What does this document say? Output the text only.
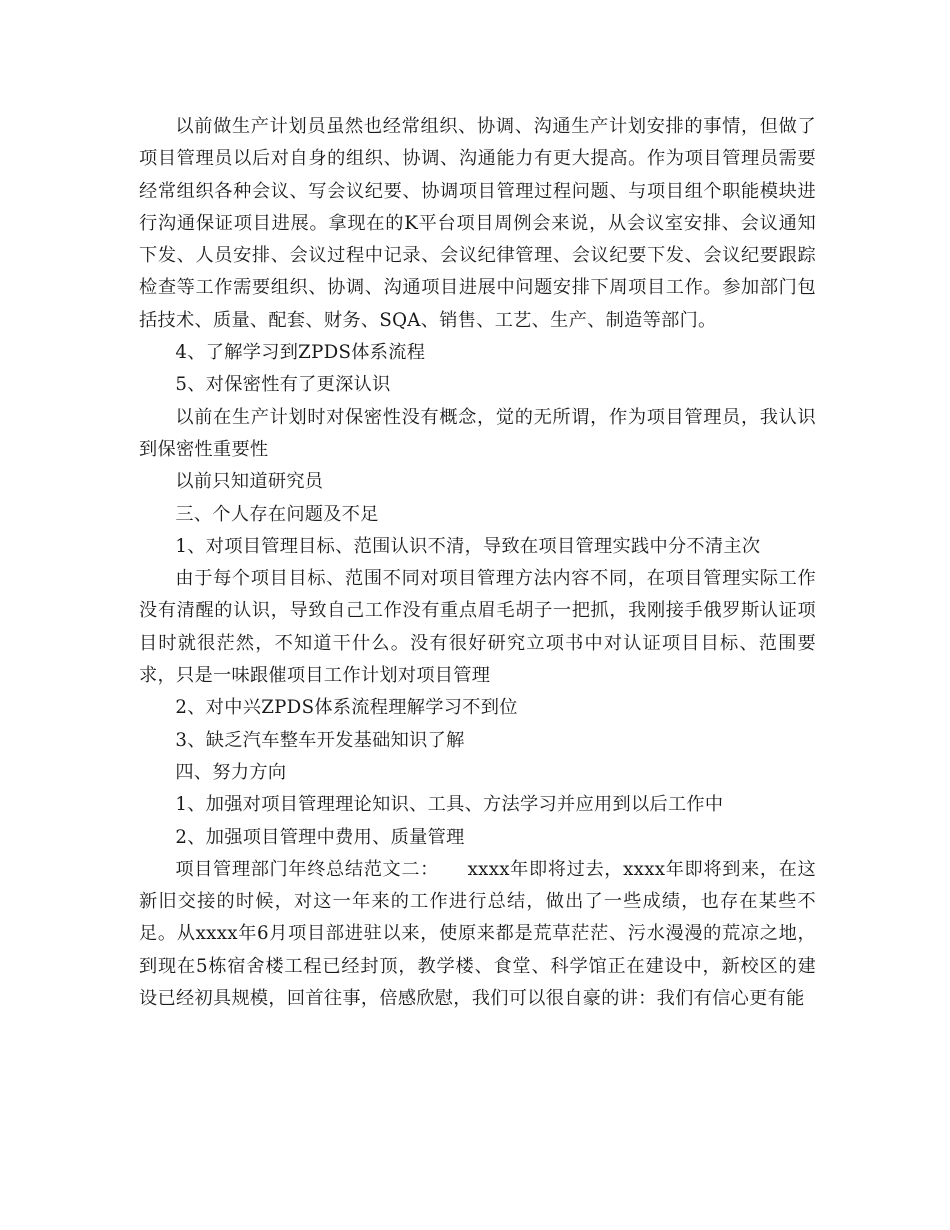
以前做生产计划员虽然也经常组织、协调、沟通生产计划安排的事情，但做了项目管理员以后对自身的组织、协调、沟通能力有更大提高。作为项目管理员需要经常组织各种会议、写会议纪要、协调项目管理过程问题、与项目组个职能模块进行沟通保证项目进展。拿现在的K平台项目周例会来说，从会议室安排、会议通知下发、人员安排、会议过程中记录、会议纪律管理、会议纪要下发、会议纪要跟踪检查等工作需要组织、协调、沟通项目进展中问题安排下周项目工作。参加部门包括技术、质量、配套、财务、SQA、销售、工艺、生产、制造等部门。

4、了解学习到ZPDS体系流程

5、对保密性有了更深认识

以前在生产计划时对保密性没有概念，觉的无所谓，作为项目管理员，我认识到保密性重要性

以前只知道研究员

三、个人存在问题及不足

1、对项目管理目标、范围认识不清，导致在项目管理实践中分不清主次

由于每个项目目标、范围不同对项目管理方法内容不同，在项目管理实际工作没有清醒的认识，导致自己工作没有重点眉毛胡子一把抓，我刚接手俄罗斯认证项目时就很茫然，不知道干什么。没有很好研究立项书中对认证项目目标、范围要求，只是一味跟催项目工作计划对项目管理

2、对中兴ZPDS体系流程理解学习不到位

3、缺乏汽车整车开发基础知识了解

四、努力方向

1、加强对项目管理理论知识、工具、方法学习并应用到以后工作中

2、加强项目管理中费用、质量管理

项目管理部门年终总结范文二：　　xxxx年即将过去，xxxx年即将到来，在这新旧交接的时候，对这一年来的工作进行总结，做出了一些成绩，也存在某些不足。从xxxx年6月项目部进驻以来，使原来都是荒草茫茫、污水漫漫的荒凉之地，到现在5栋宿舍楼工程已经封顶，教学楼、食堂、科学馆正在建设中，新校区的建设已经初具规模，回首往事，倍感欣慰，我们可以很自豪的讲：我们有信心更有能
